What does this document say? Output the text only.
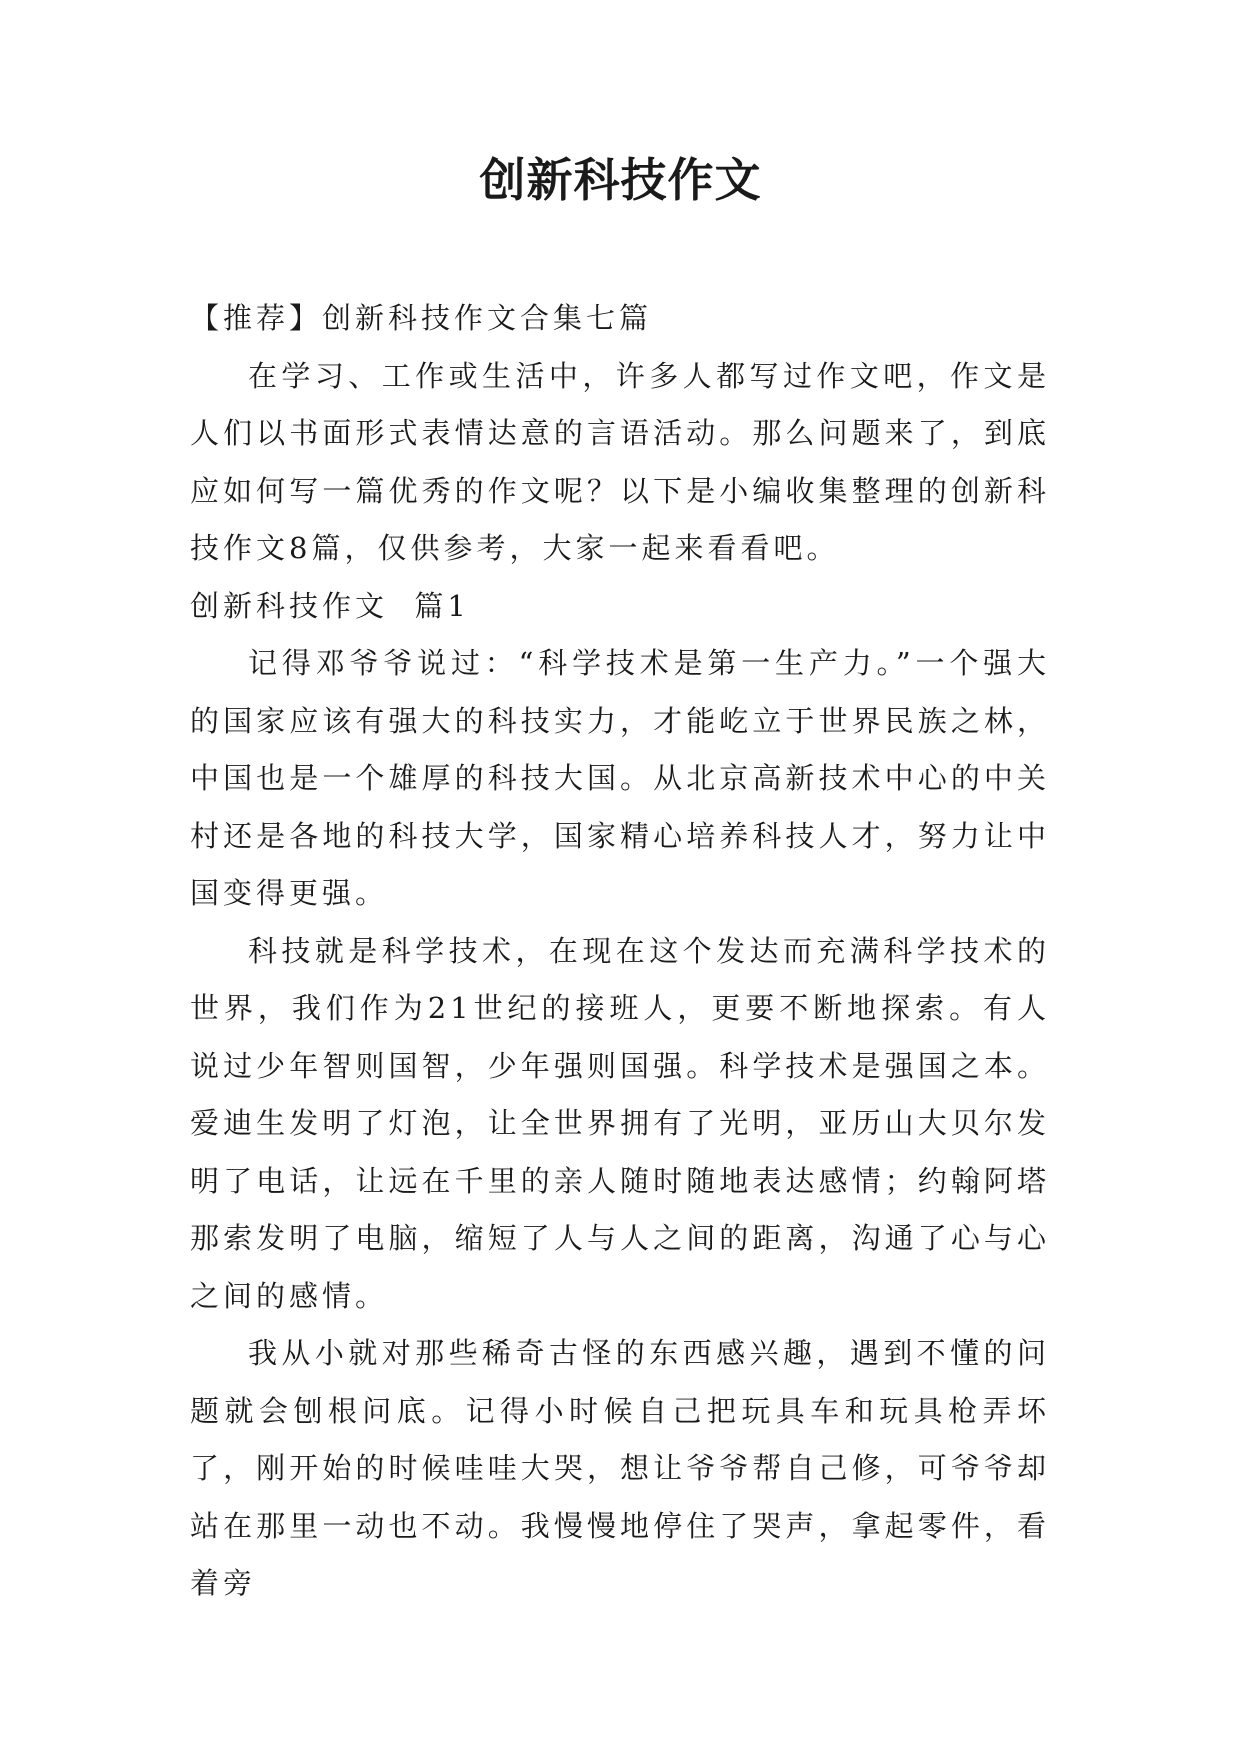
创新科技作文

【推荐】创新科技作文合集七篇

在学习、工作或生活中，许多人都写过作文吧，作文是人们以书面形式表情达意的言语活动。那么问题来了，到底应如何写一篇优秀的作文呢？以下是小编收集整理的创新科技作文8篇，仅供参考，大家一起来看看吧。

创新科技作文  篇1

记得邓爷爷说过：“科学技术是第一生产力。”一个强大的国家应该有强大的科技实力，才能屹立于世界民族之林，中国也是一个雄厚的科技大国。从北京高新技术中心的中关村还是各地的科技大学，国家精心培养科技人才，努力让中国变得更强。

科技就是科学技术，在现在这个发达而充满科学技术的世界，我们作为21世纪的接班人，更要不断地探索。有人说过少年智则国智，少年强则国强。科学技术是强国之本。爱迪生发明了灯泡，让全世界拥有了光明，亚历山大贝尔发明了电话，让远在千里的亲人随时随地表达感情；约翰阿塔那索发明了电脑，缩短了人与人之间的距离，沟通了心与心之间的感情。

我从小就对那些稀奇古怪的东西感兴趣，遇到不懂的问题就会刨根问底。记得小时候自己把玩具车和玩具枪弄坏了，刚开始的时候哇哇大哭，想让爷爷帮自己修，可爷爷却站在那里一动也不动。我慢慢地停住了哭声，拿起零件，看着旁
